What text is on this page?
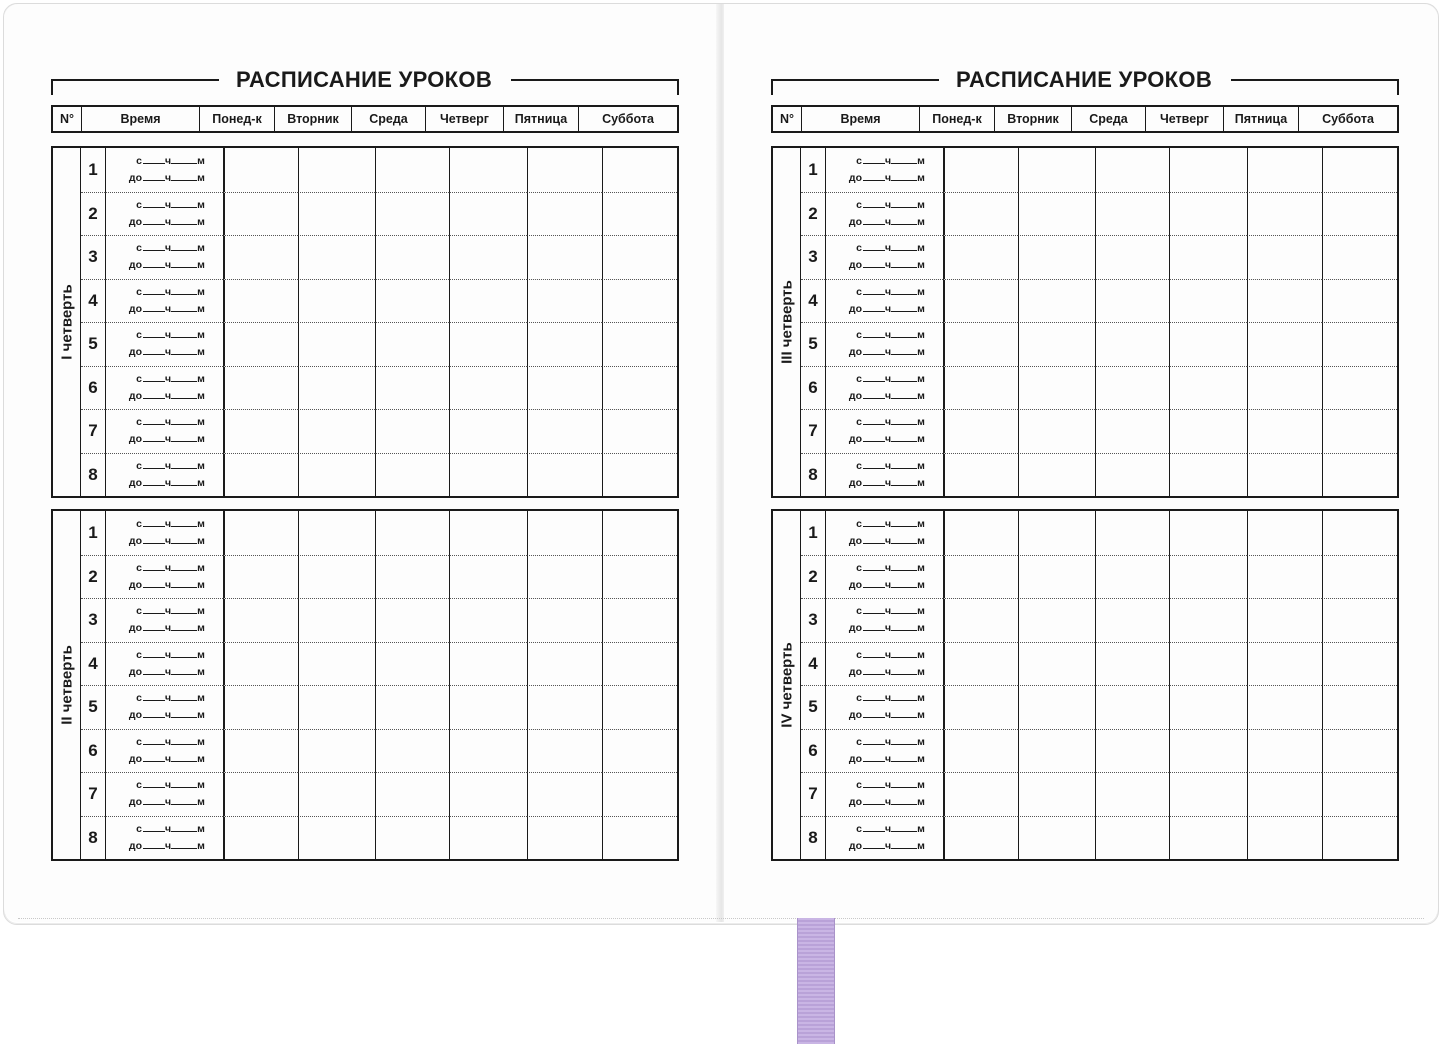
РАСПИСАНИЕ УРОКОВ
N°	Время	Понед-к	Вторник	Среда	Четверг	Пятница	Суббота
I четверть
1	с ч м
до ч м
2	с ч м
до ч м
3	с ч м
до ч м
4	с ч м
до ч м
5	с ч м
до ч м
6	с ч м
до ч м
7	с ч м
до ч м
8	с ч м
до ч м
II четверть
1	с ч м
до ч м
2	с ч м
до ч м
3	с ч м
до ч м
4	с ч м
до ч м
5	с ч м
до ч м
6	с ч м
до ч м
7	с ч м
до ч м
8	с ч м
до ч м
РАСПИСАНИЕ УРОКОВ
N°	Время	Понед-к	Вторник	Среда	Четверг	Пятница	Суббота
III четверть
1	с ч м
до ч м
2	с ч м
до ч м
3	с ч м
до ч м
4	с ч м
до ч м
5	с ч м
до ч м
6	с ч м
до ч м
7	с ч м
до ч м
8	с ч м
до ч м
IV четверть
1	с ч м
до ч м
2	с ч м
до ч м
3	с ч м
до ч м
4	с ч м
до ч м
5	с ч м
до ч м
6	с ч м
до ч м
7	с ч м
до ч м
8	с ч м
до ч м
